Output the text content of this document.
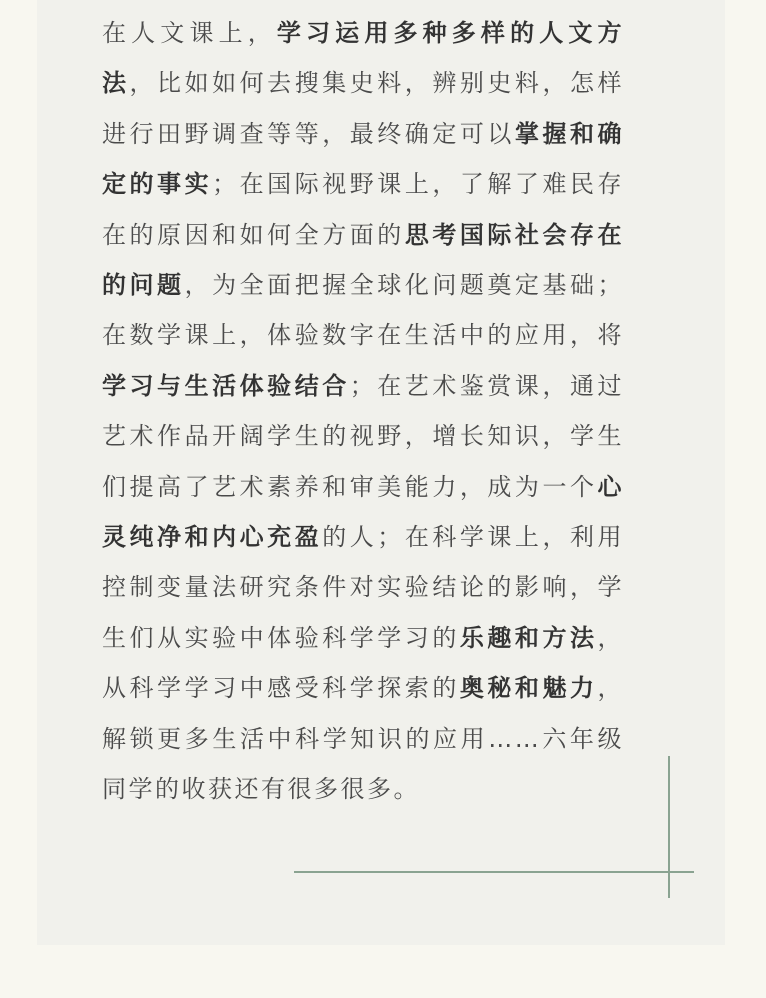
在人文课上，学习运用多种多样的人文方法，比如如何去搜集史料，辨别史料，怎样进行田野调查等等，最终确定可以掌握和确定的事实；在国际视野课上，了解了难民存在的原因和如何全方面的思考国际社会存在的问题，为全面把握全球化问题奠定基础；在数学课上，体验数字在生活中的应用，将学习与生活体验结合；在艺术鉴赏课，通过艺术作品开阔学生的视野，增长知识，学生们提高了艺术素养和审美能力，成为一个心灵纯净和内心充盈的人；在科学课上，利用控制变量法研究条件对实验结论的影响，学生们从实验中体验科学学习的乐趣和方法，从科学学习中感受科学探索的奥秘和魅力，解锁更多生活中科学知识的应用……六年级同学的收获还有很多很多。
